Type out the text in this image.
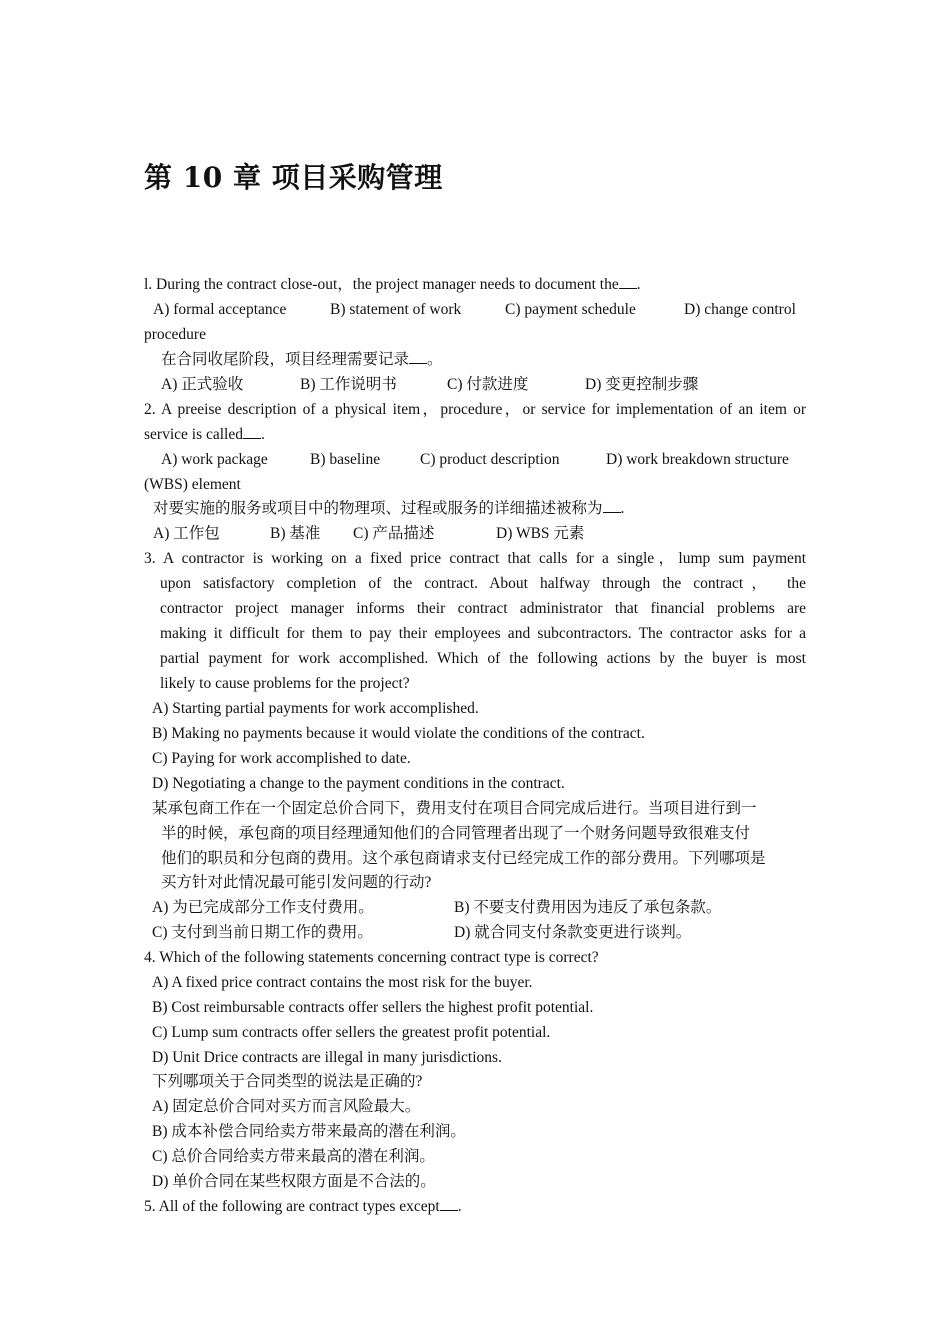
第 10 章 项目采购管理
l. During the contract close-out，the project manager needs to document the .
A) formal acceptance	B) statement of work	C) payment schedule	D) change control
procedure
在合同收尾阶段，项目经理需要记录 。
A) 正式验收	B) 工作说明书	C) 付款进度	D) 变更控制步骤
2. A preeise description of a physical item，procedure，or service for implementation of an item or
service is called .
A) work package	B) baseline	C) product description	D) work breakdown structure
(WBS) element
对要实施的服务或项目中的物理项、过程或服务的详细描述被称为 .
A) 工作包	B) 基准 C) 产品描述	D) WBS 元素
3. A contractor is working on a fixed price contract that calls for a single，lump sum payment
upon satisfactory completion of the contract. About halfway through the contract， the
contractor project manager informs their contract administrator that financial problems are
making it difficult for them to pay their employees and subcontractors. The contractor asks for a
partial payment for work accomplished. Which of the following actions by the buyer is most
likely to cause problems for the project?
A) Starting partial payments for work accomplished.
B) Making no payments because it would violate the conditions of the contract.
C) Paying for work accomplished to date.
D) Negotiating a change to the payment conditions in the contract.
某承包商工作在一个固定总价合同下，费用支付在项目合同完成后进行。当项目进行到一
半的时候，承包商的项目经理通知他们的合同管理者出现了一个财务问题导致很难支付
他们的职员和分包商的费用。这个承包商请求支付已经完成工作的部分费用。下列哪项是
买方针对此情况最可能引发问题的行动?
A) 为已完成部分工作支付费用。	B) 不要支付费用因为违反了承包条款。
C) 支付到当前日期工作的费用。	D) 就合同支付条款变更进行谈判。
4. Which of the following statements concerning contract type is correct?
A) A fixed price contract contains the most risk for the buyer.
B) Cost reimbursable contracts offer sellers the highest profit potential.
C) Lump sum contracts offer sellers the greatest profit potential.
D) Unit Drice contracts are illegal in many jurisdictions.
下列哪项关于合同类型的说法是正确的?
A) 固定总价合同对买方而言风险最大。
B) 成本补偿合同给卖方带来最高的潜在利润。
C) 总价合同给卖方带来最高的潜在利润。
D) 单价合同在某些权限方面是不合法的。
5. All of the following are contract types except .
